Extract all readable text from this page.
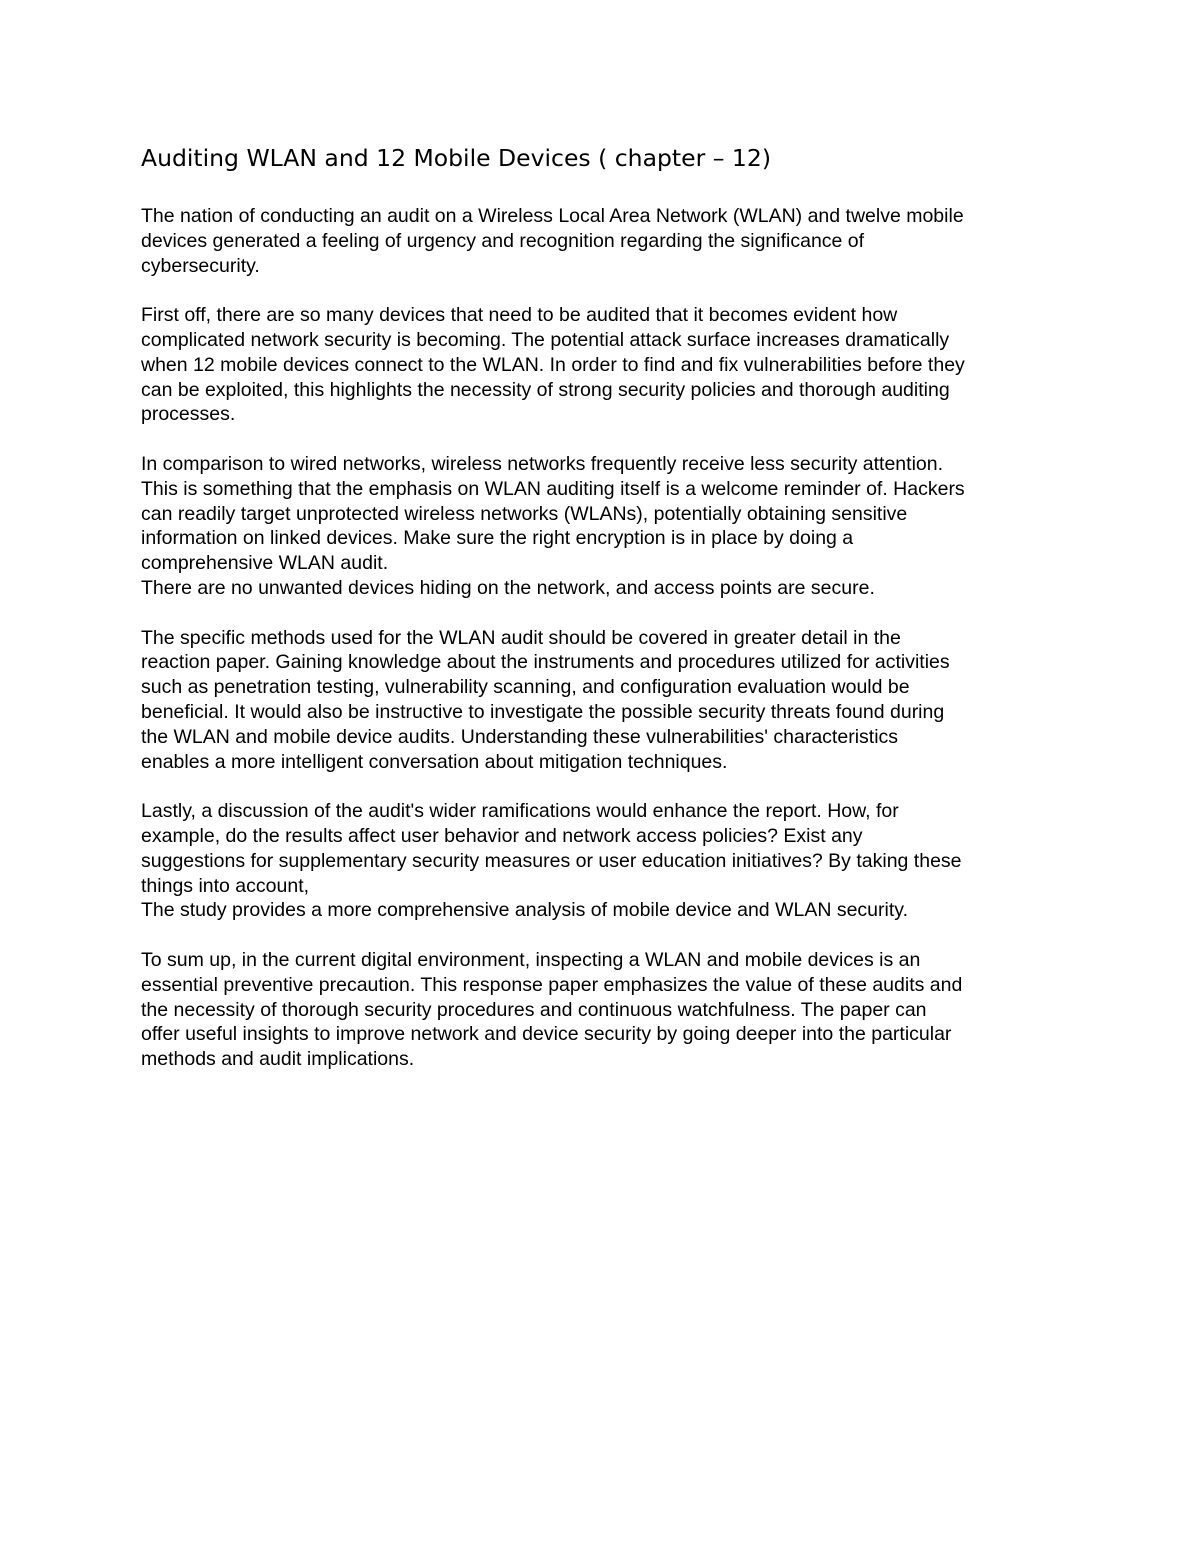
Auditing WLAN and 12 Mobile Devices ( chapter – 12)

The nation of conducting an audit on a Wireless Local Area Network (WLAN) and twelve mobile
devices generated a feeling of urgency and recognition regarding the significance of
cybersecurity.

First off, there are so many devices that need to be audited that it becomes evident how
complicated network security is becoming. The potential attack surface increases dramatically
when 12 mobile devices connect to the WLAN. In order to find and fix vulnerabilities before they
can be exploited, this highlights the necessity of strong security policies and thorough auditing
processes.

In comparison to wired networks, wireless networks frequently receive less security attention.
This is something that the emphasis on WLAN auditing itself is a welcome reminder of. Hackers
can readily target unprotected wireless networks (WLANs), potentially obtaining sensitive
information on linked devices. Make sure the right encryption is in place by doing a
comprehensive WLAN audit.
There are no unwanted devices hiding on the network, and access points are secure.

The specific methods used for the WLAN audit should be covered in greater detail in the
reaction paper. Gaining knowledge about the instruments and procedures utilized for activities
such as penetration testing, vulnerability scanning, and configuration evaluation would be
beneficial. It would also be instructive to investigate the possible security threats found during
the WLAN and mobile device audits. Understanding these vulnerabilities' characteristics
enables a more intelligent conversation about mitigation techniques.

Lastly, a discussion of the audit's wider ramifications would enhance the report. How, for
example, do the results affect user behavior and network access policies? Exist any
suggestions for supplementary security measures or user education initiatives? By taking these
things into account,
The study provides a more comprehensive analysis of mobile device and WLAN security.

To sum up, in the current digital environment, inspecting a WLAN and mobile devices is an
essential preventive precaution. This response paper emphasizes the value of these audits and
the necessity of thorough security procedures and continuous watchfulness. The paper can
offer useful insights to improve network and device security by going deeper into the particular
methods and audit implications.
